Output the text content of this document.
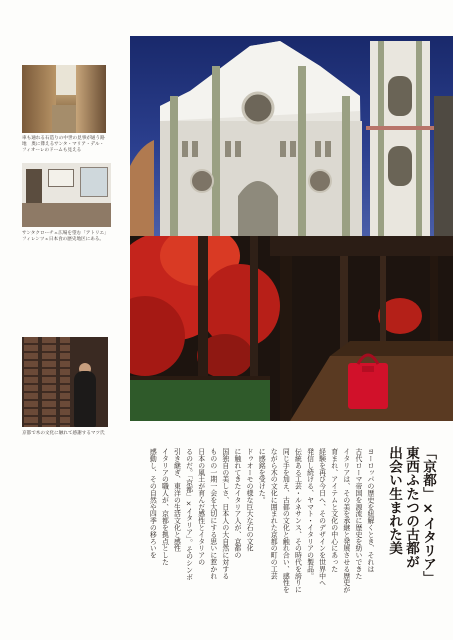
車も通れる石造りの中世の見事が通う路地　奥に聳えるサンタ・マリア・デル・フィオーレのドームも見える
サンタクローチェ広場を望む「アトリエ」フィレンツェ日本食の歴史地区にある。
京都で木の文化に触れて感謝するマツ氏
ヨーロッパの歴史を紐解くとき、それは
古代ローマ帝国を源流に歴史を紡いできた
イタリアは、その美を承継と発展させる歴史が
育まれ、アイテムと文化の中心にあった
経験を再び今日へ、そのデザインを世界中へ
発信し続ける、ヤマト・イタリアの製品。
伝統ある工芸・ルネサンス、その時代を誇りに
同じ手を加え、古都の文化と触れ合い、感性を
ながら木の文化に囲まれた京都の町の工芸
に感銘を受けた。
ドゥオーモの様な巨大な石の文化
に触れてきたイタリア人が、京都の
国独自の美しさ、日本人の大自然に対する
ものの一期一会を大切にする思いに惹かれ
日本の風土が育んだ感性とイタリアの
るのだ。「京都」×イタリア」。そのシンボ
引き継ぎ、東洋の生活文化と感性
イタリアの職人が、京都を拠点とした
感動し、その自然や四季の移ろいを	「京都」×イタリア」
東西ふたつの古都が
出会い生まれた美
